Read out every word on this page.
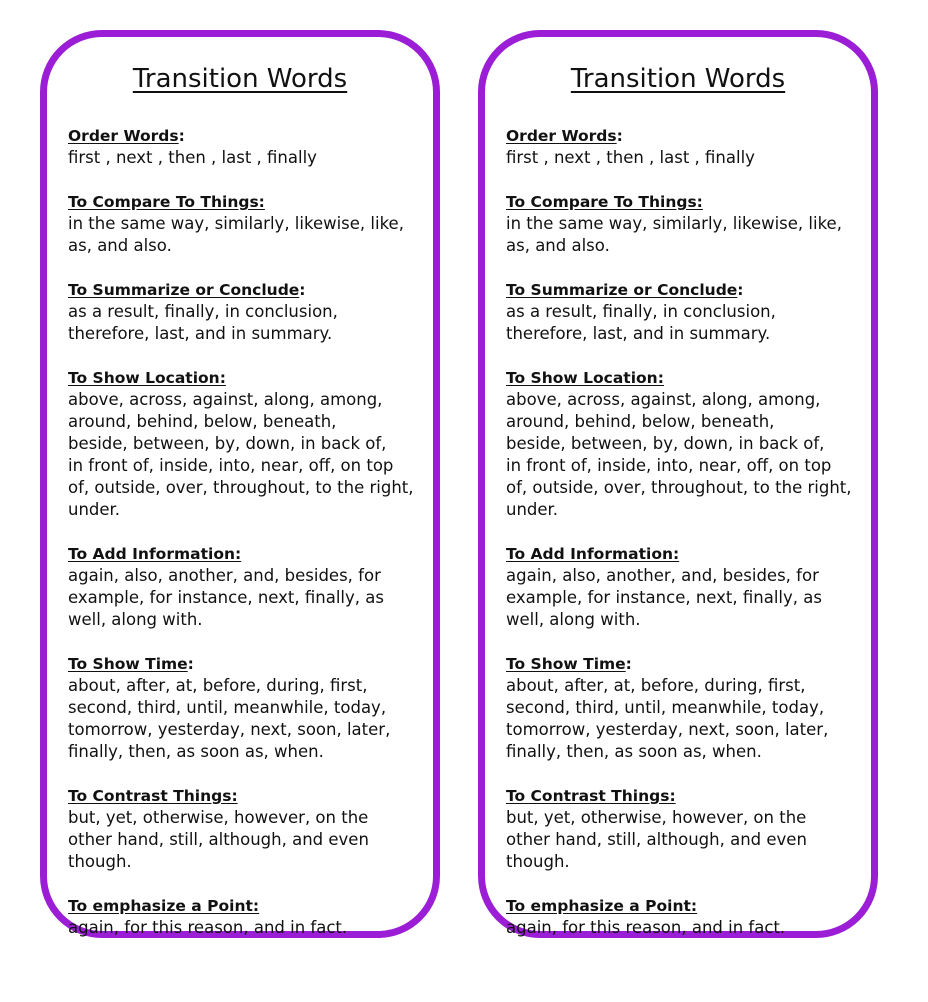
Transition Words

Order Words:

first , next , then , last , finally

To Compare To Things:

in the same way, similarly, likewise, like,

as, and also.

To Summarize or Conclude:

as a result, finally, in conclusion,

therefore, last, and in summary.

To Show Location:

above, across, against, along, among,

around, behind, below, beneath,

beside, between, by, down, in back of,

in front of, inside, into, near, off, on top

of, outside, over, throughout, to the right,

under.

To Add Information:

again, also, another, and, besides, for

example, for instance, next, finally, as

well, along with.

To Show Time:

about, after, at, before, during, first,

second, third, until, meanwhile, today,

tomorrow, yesterday, next, soon, later,

finally, then, as soon as, when.

To Contrast Things:

but, yet, otherwise, however, on the

other hand, still, although, and even

though.

To emphasize a Point:

again, for this reason, and in fact.

Transition Words

Order Words:

first , next , then , last , finally

To Compare To Things:

in the same way, similarly, likewise, like,

as, and also.

To Summarize or Conclude:

as a result, finally, in conclusion,

therefore, last, and in summary.

To Show Location:

above, across, against, along, among,

around, behind, below, beneath,

beside, between, by, down, in back of,

in front of, inside, into, near, off, on top

of, outside, over, throughout, to the right,

under.

To Add Information:

again, also, another, and, besides, for

example, for instance, next, finally, as

well, along with.

To Show Time:

about, after, at, before, during, first,

second, third, until, meanwhile, today,

tomorrow, yesterday, next, soon, later,

finally, then, as soon as, when.

To Contrast Things:

but, yet, otherwise, however, on the

other hand, still, although, and even

though.

To emphasize a Point:

again, for this reason, and in fact.
